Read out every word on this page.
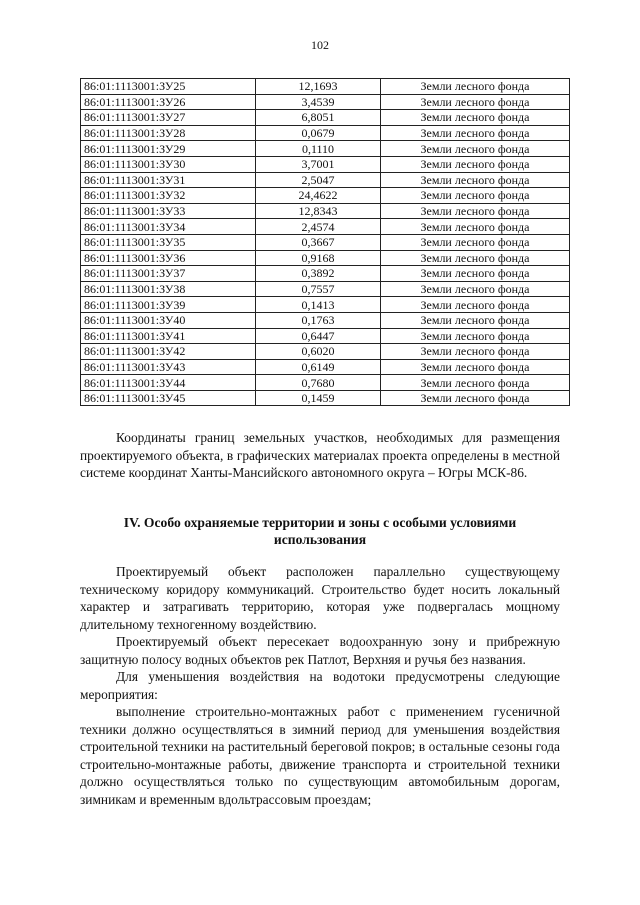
102
86:01:1113001:ЗУ25	12,1693	Земли лесного фонда
86:01:1113001:ЗУ26	3,4539	Земли лесного фонда
86:01:1113001:ЗУ27	6,8051	Земли лесного фонда
86:01:1113001:ЗУ28	0,0679	Земли лесного фонда
86:01:1113001:ЗУ29	0,1110	Земли лесного фонда
86:01:1113001:ЗУ30	3,7001	Земли лесного фонда
86:01:1113001:ЗУ31	2,5047	Земли лесного фонда
86:01:1113001:ЗУ32	24,4622	Земли лесного фонда
86:01:1113001:ЗУ33	12,8343	Земли лесного фонда
86:01:1113001:ЗУ34	2,4574	Земли лесного фонда
86:01:1113001:ЗУ35	0,3667	Земли лесного фонда
86:01:1113001:ЗУ36	0,9168	Земли лесного фонда
86:01:1113001:ЗУ37	0,3892	Земли лесного фонда
86:01:1113001:ЗУ38	0,7557	Земли лесного фонда
86:01:1113001:ЗУ39	0,1413	Земли лесного фонда
86:01:1113001:ЗУ40	0,1763	Земли лесного фонда
86:01:1113001:ЗУ41	0,6447	Земли лесного фонда
86:01:1113001:ЗУ42	0,6020	Земли лесного фонда
86:01:1113001:ЗУ43	0,6149	Земли лесного фонда
86:01:1113001:ЗУ44	0,7680	Земли лесного фонда
86:01:1113001:ЗУ45	0,1459	Земли лесного фонда

Координаты границ земельных участков, необходимых для размещения проектируемого объекта, в графических материалах проекта определены в местной системе координат Ханты-Мансийского автономного округа – Югры МСК-86.

IV. Особо охраняемые территории и зоны с особыми условиями
использования

Проектируемый объект расположен параллельно существующему техническому коридору коммуникаций. Строительство будет носить локальный характер и затрагивать территорию, которая уже подвергалась мощному длительному техногенному воздействию.

Проектируемый объект пересекает водоохранную зону и прибрежную защитную полосу водных объектов рек Патлот, Верхняя и ручья без названия.

Для уменьшения воздействия на водотоки предусмотрены следующие мероприятия:

выполнение строительно-монтажных работ с применением гусеничной техники должно осуществляться в зимний период для уменьшения воздействия строительной техники на растительный береговой покров; в остальные сезоны года строительно-монтажные работы, движение транспорта и строительной техники должно осуществляться только по существующим автомобильным дорогам, зимникам и временным вдольтрассовым проездам;
